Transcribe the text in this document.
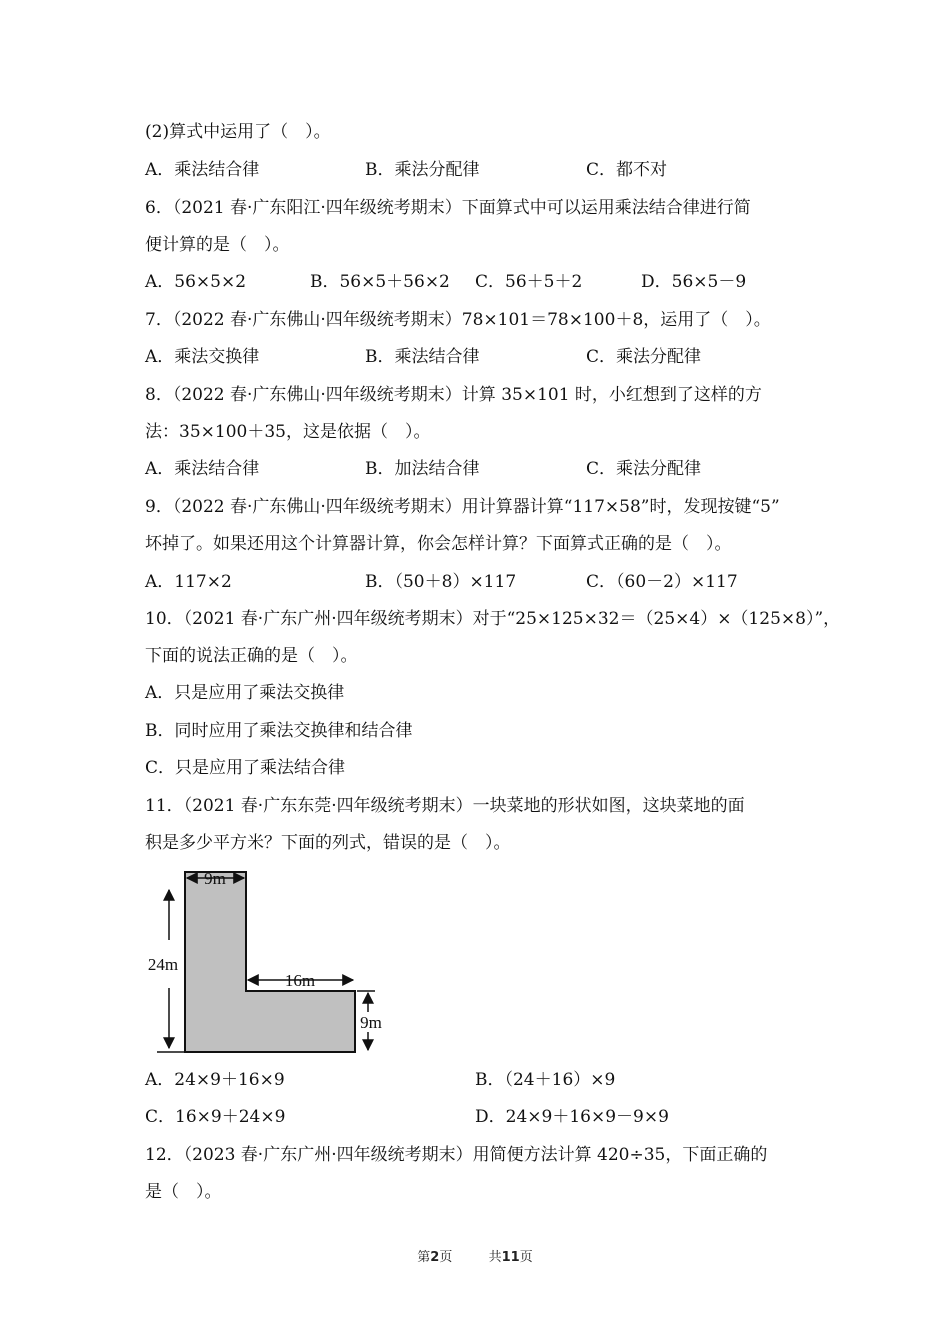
(2)算式中运用了（　）。
A．乘法结合律	B．乘法分配律	C．都不对
6．（2021 春·广东阳江·四年级统考期末）下面算式中可以运用乘法结合律进行简
便计算的是（　）。
A．56×5×2	B．56×5＋56×2 C．56＋5＋2	D．56×5－9
7．（2022 春·广东佛山·四年级统考期末）78×101＝78×100＋8，运用了（　）。
A．乘法交换律	B．乘法结合律	C．乘法分配律
8．（2022 春·广东佛山·四年级统考期末）计算 35×101 时，小红想到了这样的方
法：35×100＋35，这是依据（　）。
A．乘法结合律	B．加法结合律	C．乘法分配律
9．（2022 春·广东佛山·四年级统考期末）用计算器计算“117×58”时，发现按键“5”
坏掉了。如果还用这个计算器计算，你会怎样计算？下面算式正确的是（　）。
A．117×2	B．（50＋8）×117	C．（60－2）×117
10．（2021 春·广东广州·四年级统考期末）对于“25×125×32＝（25×4）×（125×8）”，
下面的说法正确的是（　）。
A．只是应用了乘法交换律
B．同时应用了乘法交换律和结合律
C．只是应用了乘法结合律
11．（2021 春·广东东莞·四年级统考期末）一块菜地的形状如图，这块菜地的面
积是多少平方米？下面的列式，错误的是（　）。
9m
24m
16m
9m
A．24×9＋16×9	B．（24＋16）×9
C．16×9＋24×9	D．24×9＋16×9－9×9
12．（2023 春·广东广州·四年级统考期末）用简便方法计算 420÷35，下面正确的
是（　）。
第2页	共11页
